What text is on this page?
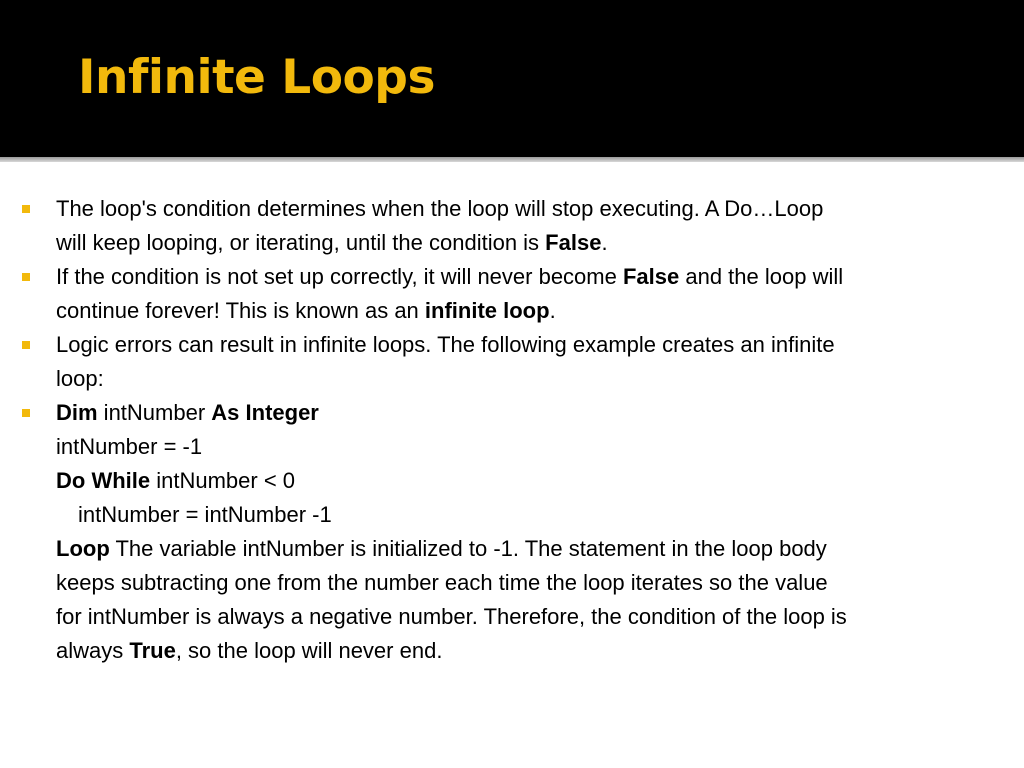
Infinite Loops
The loop's condition determines when the loop will stop executing. A Do…Loop
will keep looping, or iterating, until the condition is False.
If the condition is not set up correctly, it will never become False and the loop will
continue forever! This is known as an infinite loop.
Logic errors can result in infinite loops. The following example creates an infinite
loop:
Dim intNumber As Integer
intNumber = -1
Do While intNumber < 0
intNumber = intNumber -1
Loop The variable intNumber is initialized to -1. The statement in the loop body
keeps subtracting one from the number each time the loop iterates so the value
for intNumber is always a negative number. Therefore, the condition of the loop is
always True, so the loop will never end.
